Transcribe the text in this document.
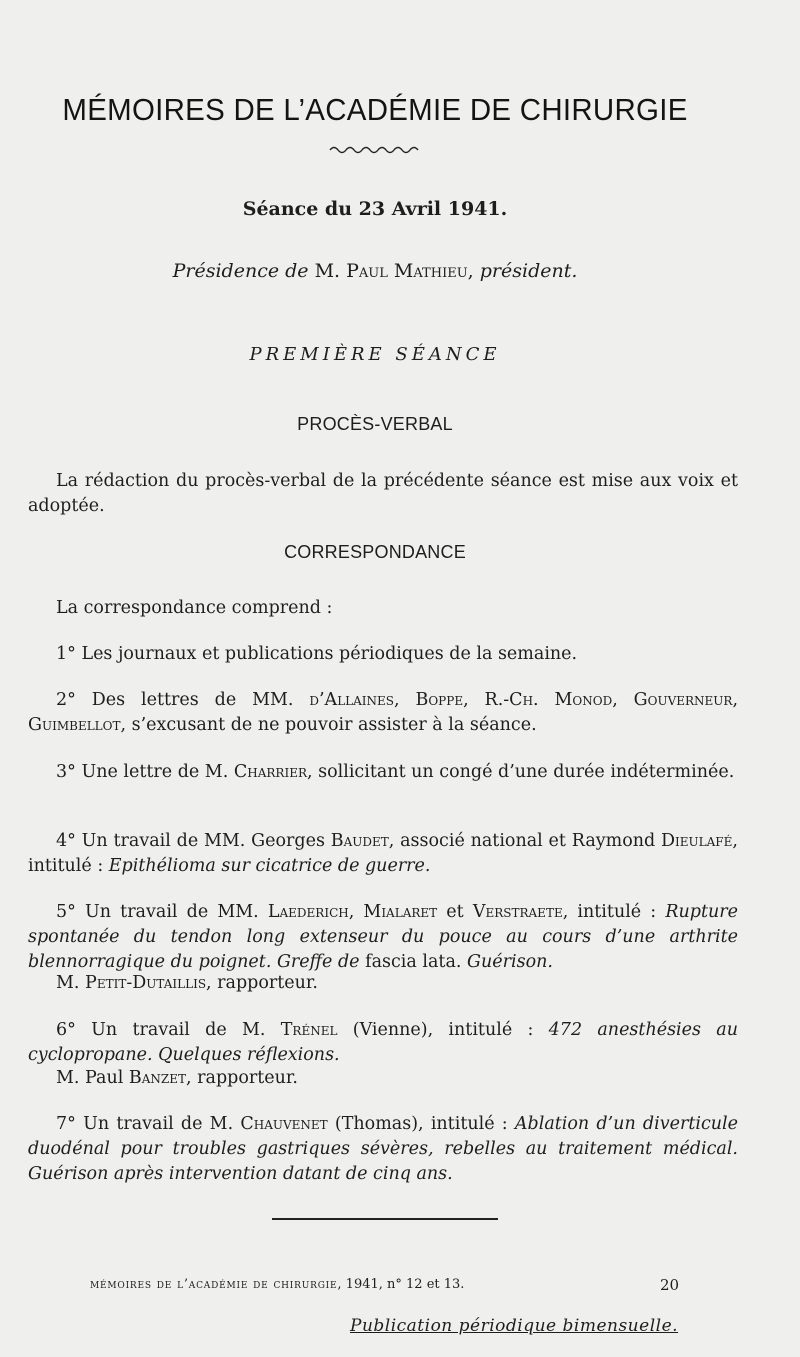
MÉMOIRES DE L’ACADÉMIE DE CHIRURGIE
Séance du 23 Avril 1941.
Présidence de M. Paul Mathieu, président.
PREMIÈRE SÉANCE
PROCÈS-VERBAL
La rédaction du procès-verbal de la précédente séance est mise aux voix et adoptée.
CORRESPONDANCE
La correspondance comprend :
1° Les journaux et publications périodiques de la semaine.
2° Des lettres de MM. d’Allaines, Boppe, R.-Ch. Monod, Gouverneur, Guimbellot, s’excusant de ne pouvoir assister à la séance.
3° Une lettre de M. Charrier, sollicitant un congé d’une durée indéterminée.
4° Un travail de MM. Georges Baudet, associé national et Raymond Dieulafé, intitulé : Epithélioma sur cicatrice de guerre.
5° Un travail de MM. Laederich, Mialaret et Verstraete, intitulé : Rupture spontanée du tendon long extenseur du pouce au cours d’une arthrite blennorragique du poignet. Greffe de fascia lata. Guérison.
M. Petit-Dutaillis, rapporteur.
6° Un travail de M. Trénel (Vienne), intitulé : 472 anesthésies au cyclopropane. Quelques réflexions.
M. Paul Banzet, rapporteur.
7° Un travail de M. Chauvenet (Thomas), intitulé : Ablation d’un diverticule duodénal pour troubles gastriques sévères, rebelles au traitement médical. Guérison après intervention datant de cinq ans.
mémoires de l’académie de chirurgie, 1941, n° 12 et 13.	20
Publication périodique bimensuelle.
